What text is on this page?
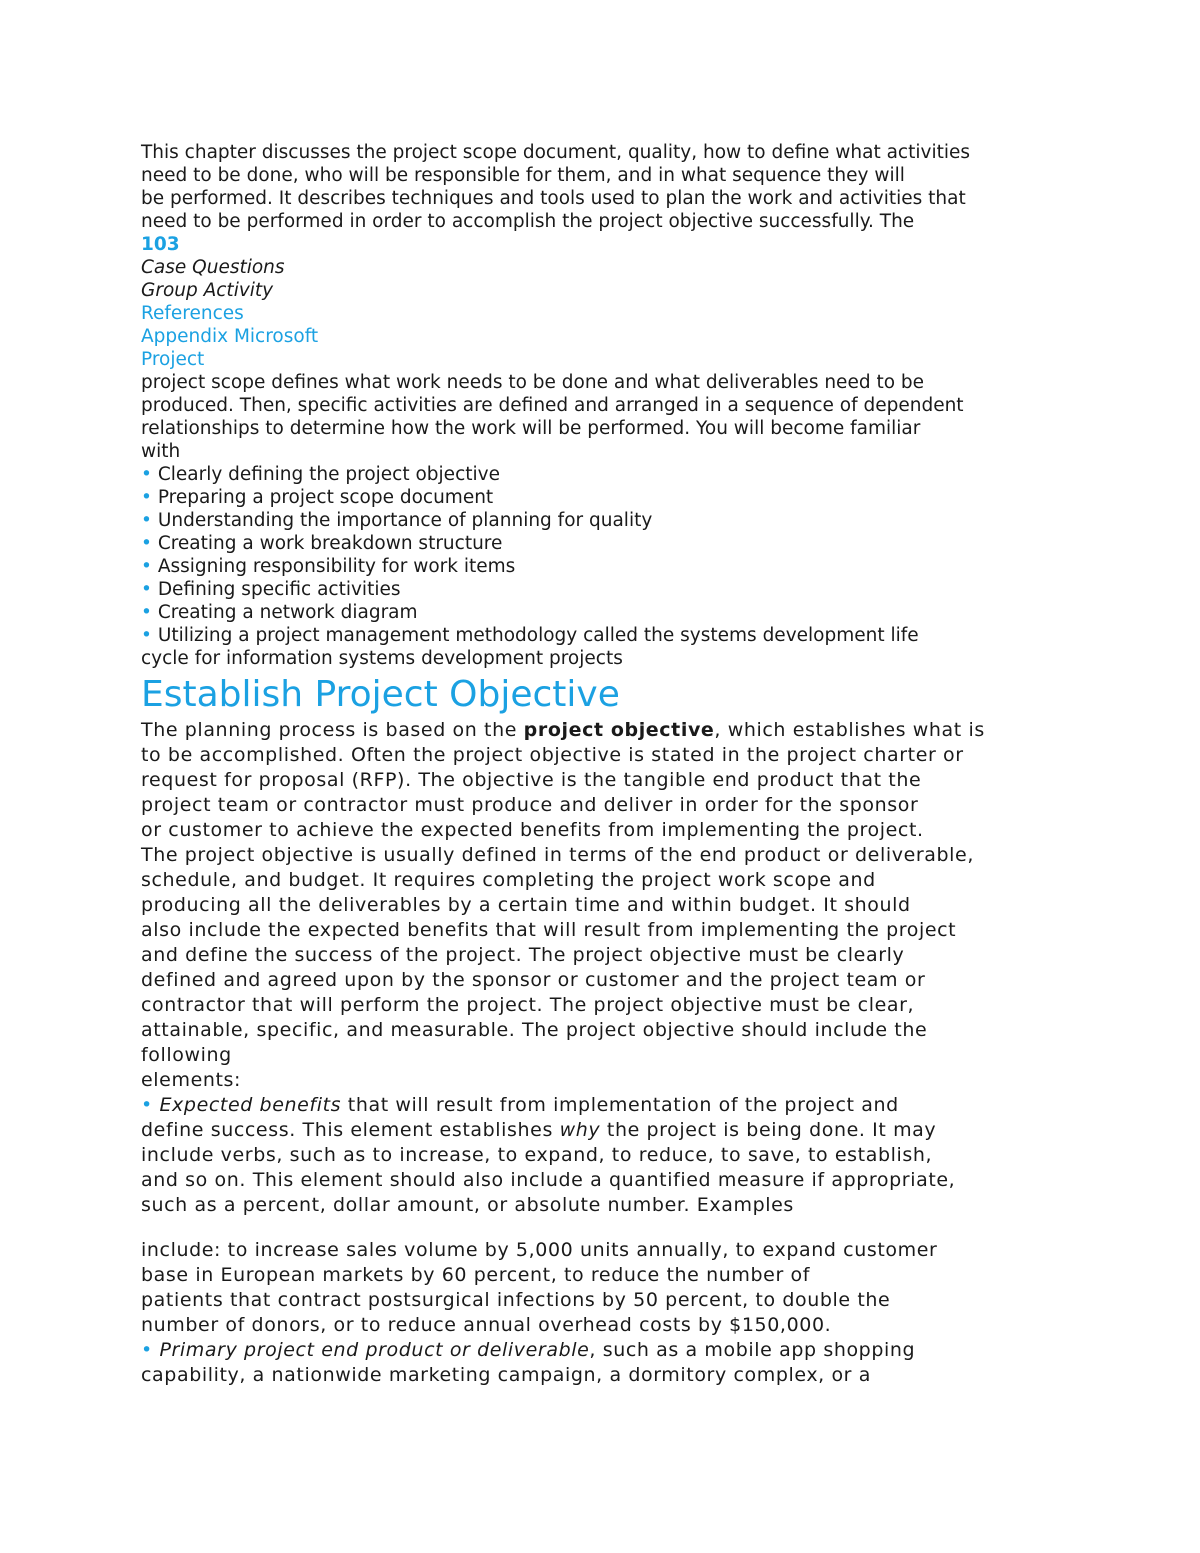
This chapter discusses the project scope document, quality, how to define what activities
need to be done, who will be responsible for them, and in what sequence they will
be performed. It describes techniques and tools used to plan the work and activities that
need to be performed in order to accomplish the project objective successfully. The
103
Case Questions
Group Activity
References
Appendix Microsoft
Project
project scope defines what work needs to be done and what deliverables need to be
produced. Then, specific activities are defined and arranged in a sequence of dependent
relationships to determine how the work will be performed. You will become familiar
with
• Clearly defining the project objective
• Preparing a project scope document
• Understanding the importance of planning for quality
• Creating a work breakdown structure
• Assigning responsibility for work items
• Defining specific activities
• Creating a network diagram
• Utilizing a project management methodology called the systems development life
cycle for information systems development projects
Establish Project Objective
The planning process is based on the project objective, which establishes what is
to be accomplished. Often the project objective is stated in the project charter or
request for proposal (RFP). The objective is the tangible end product that the
project team or contractor must produce and deliver in order for the sponsor
or customer to achieve the expected benefits from implementing the project.
The project objective is usually defined in terms of the end product or deliverable,
schedule, and budget. It requires completing the project work scope and
producing all the deliverables by a certain time and within budget. It should
also include the expected benefits that will result from implementing the project
and define the success of the project. The project objective must be clearly
defined and agreed upon by the sponsor or customer and the project team or
contractor that will perform the project. The project objective must be clear,
attainable, specific, and measurable. The project objective should include the
following
elements:
• Expected benefits that will result from implementation of the project and
define success. This element establishes why the project is being done. It may
include verbs, such as to increase, to expand, to reduce, to save, to establish,
and so on. This element should also include a quantified measure if appropriate,
such as a percent, dollar amount, or absolute number. Examples
include: to increase sales volume by 5,000 units annually, to expand customer
base in European markets by 60 percent, to reduce the number of
patients that contract postsurgical infections by 50 percent, to double the
number of donors, or to reduce annual overhead costs by $150,000.
• Primary project end product or deliverable, such as a mobile app shopping
capability, a nationwide marketing campaign, a dormitory complex, or a
